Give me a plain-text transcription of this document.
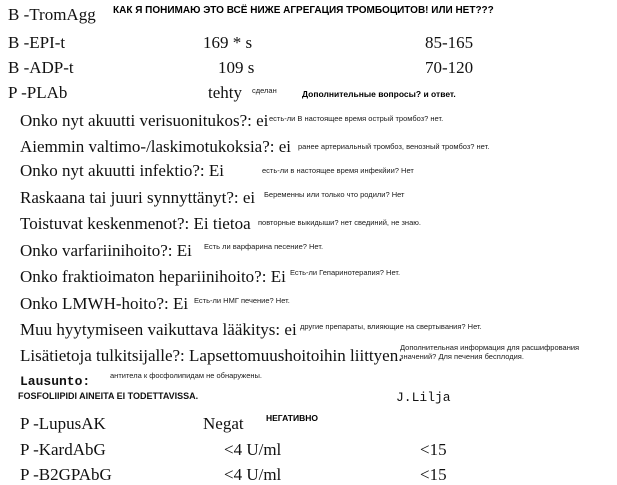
B -TromAgg КАК Я ПОНИМАЮ ЭТО ВСЁ НИЖЕ АГРЕГАЦИЯ ТРОМБОЦИТОВ! ИЛИ НЕТ???
B -EPI-t	169 * s	85-165
B -ADP-t	109 s	70-120
P -PLAb	tehty сделан	Дополнительные вопросы? и ответ.
Onko nyt akuutti verisuonitukos?: ei есть-ли В настоящее время острый тромбоз? нет.
Aiemmin valtimo-/laskimotukoksia?: ei ранее артериальный тромбоз, венозный тромбоз? нет.
Onko nyt akuutti infektio?: Ei	есть-ли в настоящее время инфекйии? Нет
Raskaana tai juuri synnyttänyt?: ei Беременны или только что родили? Нет
Toistuvat keskenmenot?: Ei tietoa повторные выкидыши? нет свединий, не знаю.
Onko varfariinihoito?: Ei Есть ли варфарина песение? Нет.
Onko fraktioimaton hepariinihoito?: Ei Есть-ли Гепаринотерапия? Нет.
Onko LMWH-hoito?: Ei Есть-ли НМГ печение? Нет.
Muu hyytymiseen vaikuttava lääkitys: ei другие препараты, влияющие на свертывания? Нет.
Lisätietoja tulkitsijalle?: Lapsettomuushoitoihin liittyen.
Дополнительная информация для расшифрования
значений? Для печения бесплодия.
Lausunto:	антитела к фосфолипидам не обнаружены.
FOSFOLIIPIDI AINEITA EI TODETTAVISSA.	J.Lilja
P -LupusAK	Negat	НЕГАТИВНО
P -KardAbG	<4 U/ml	<15
P -B2GPAbG	<4 U/ml	<15
